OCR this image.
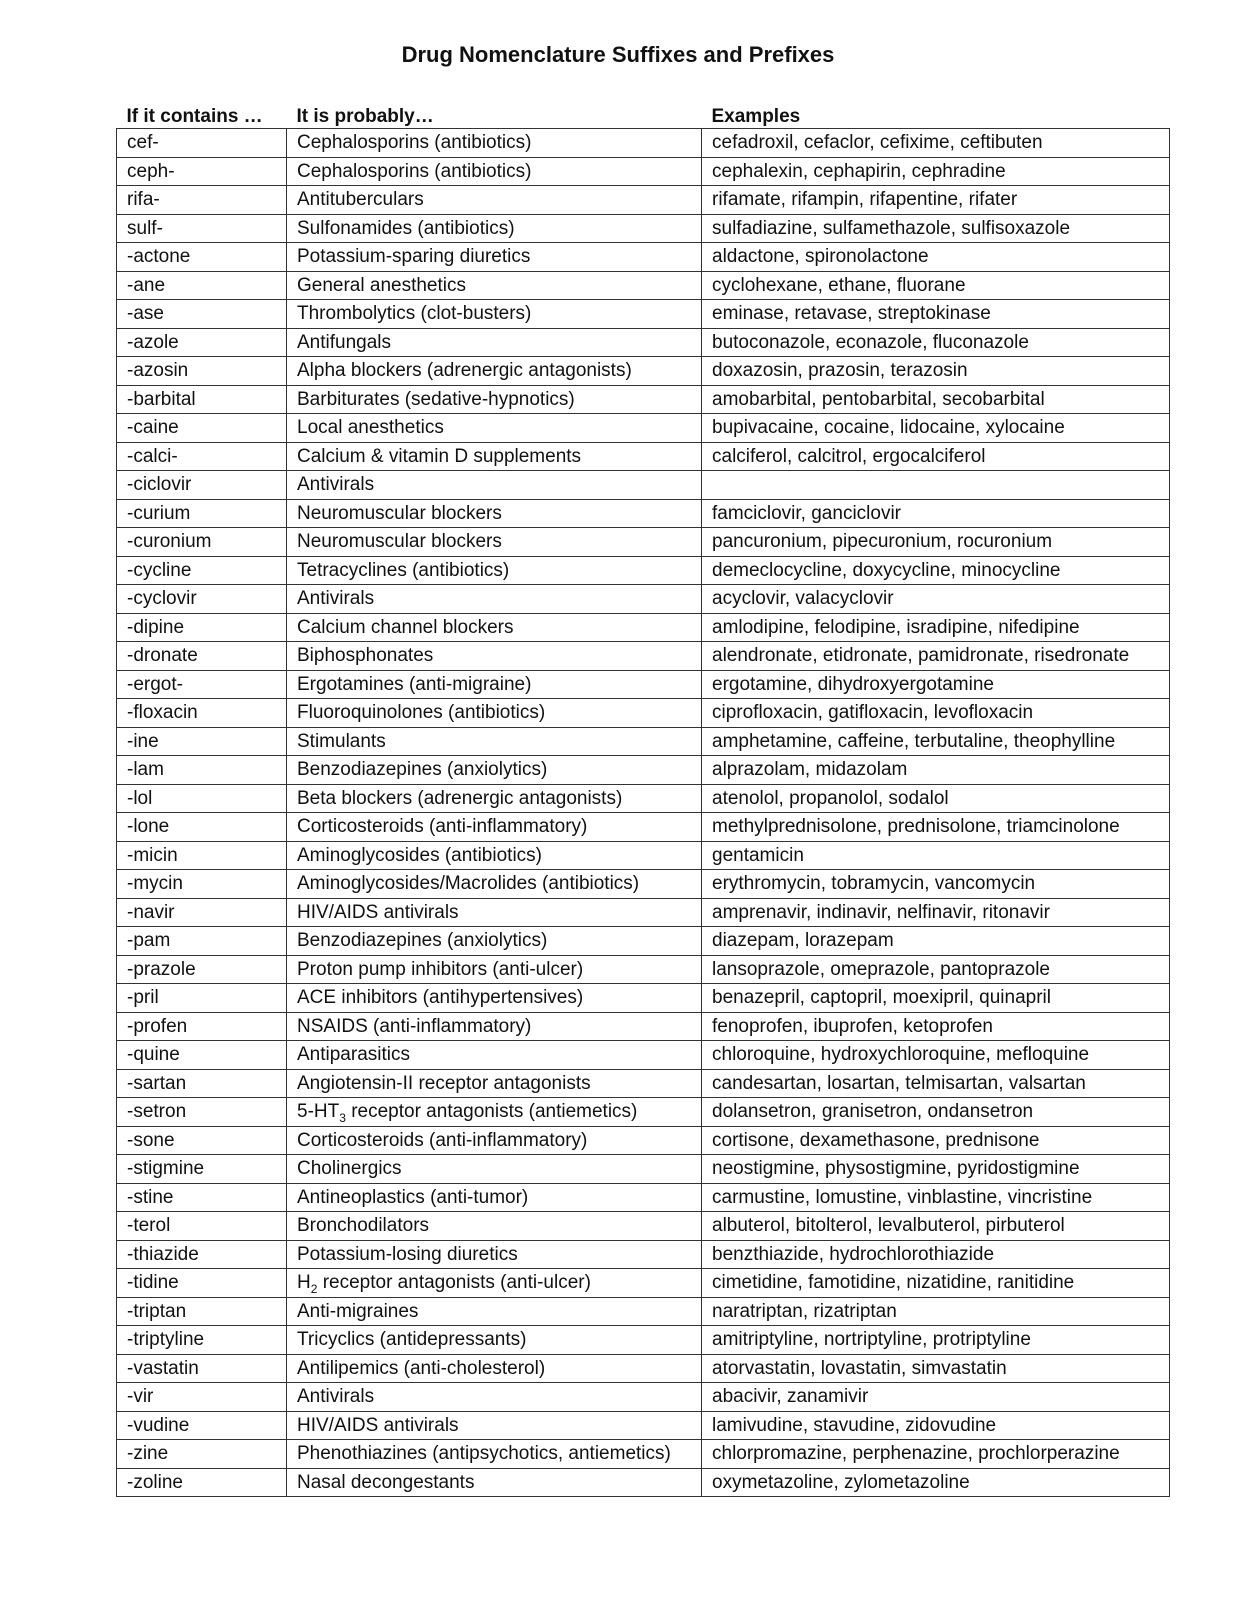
Drug Nomenclature Suffixes and Prefixes
If it contains …	It is probably…	Examples
cef-	Cephalosporins (antibiotics)	cefadroxil, cefaclor, cefixime, ceftibuten
ceph-	Cephalosporins (antibiotics)	cephalexin, cephapirin, cephradine
rifa-	Antituberculars	rifamate, rifampin, rifapentine, rifater
sulf-	Sulfonamides (antibiotics)	sulfadiazine, sulfamethazole, sulfisoxazole
-actone	Potassium-sparing diuretics	aldactone, spironolactone
-ane	General anesthetics	cyclohexane, ethane, fluorane
-ase	Thrombolytics (clot-busters)	eminase, retavase, streptokinase
-azole	Antifungals	butoconazole, econazole, fluconazole
-azosin	Alpha blockers (adrenergic antagonists)	doxazosin, prazosin, terazosin
-barbital	Barbiturates (sedative-hypnotics)	amobarbital, pentobarbital, secobarbital
-caine	Local anesthetics	bupivacaine, cocaine, lidocaine, xylocaine
-calci-	Calcium & vitamin D supplements	calciferol, calcitrol, ergocalciferol
-ciclovir	Antivirals	
-curium	Neuromuscular blockers	famciclovir, ganciclovir
-curonium	Neuromuscular blockers	pancuronium, pipecuronium, rocuronium
-cycline	Tetracyclines (antibiotics)	demeclocycline, doxycycline, minocycline
-cyclovir	Antivirals	acyclovir, valacyclovir
-dipine	Calcium channel blockers	amlodipine, felodipine, isradipine, nifedipine
-dronate	Biphosphonates	alendronate, etidronate, pamidronate, risedronate
-ergot-	Ergotamines (anti-migraine)	ergotamine, dihydroxyergotamine
-floxacin	Fluoroquinolones (antibiotics)	ciprofloxacin, gatifloxacin, levofloxacin
-ine	Stimulants	amphetamine, caffeine, terbutaline, theophylline
-lam	Benzodiazepines (anxiolytics)	alprazolam, midazolam
-lol	Beta blockers (adrenergic antagonists)	atenolol, propanolol, sodalol
-lone	Corticosteroids (anti-inflammatory)	methylprednisolone, prednisolone, triamcinolone
-micin	Aminoglycosides (antibiotics)	gentamicin
-mycin	Aminoglycosides/Macrolides (antibiotics)	erythromycin, tobramycin, vancomycin
-navir	HIV/AIDS antivirals	amprenavir, indinavir, nelfinavir, ritonavir
-pam	Benzodiazepines (anxiolytics)	diazepam, lorazepam
-prazole	Proton pump inhibitors (anti-ulcer)	lansoprazole, omeprazole, pantoprazole
-pril	ACE inhibitors (antihypertensives)	benazepril, captopril, moexipril, quinapril
-profen	NSAIDS (anti-inflammatory)	fenoprofen, ibuprofen, ketoprofen
-quine	Antiparasitics	chloroquine, hydroxychloroquine, mefloquine
-sartan	Angiotensin-II receptor antagonists	candesartan, losartan, telmisartan, valsartan
-setron	$5-HT_3$ receptor antagonists (antiemetics)	dolansetron, granisetron, ondansetron
-sone	Corticosteroids (anti-inflammatory)	cortisone, dexamethasone, prednisone
-stigmine	Cholinergics	neostigmine, physostigmine, pyridostigmine
-stine	Antineoplastics (anti-tumor)	carmustine, lomustine, vinblastine, vincristine
-terol	Bronchodilators	albuterol, bitolterol, levalbuterol, pirbuterol
-thiazide	Potassium-losing diuretics	benzthiazide, hydrochlorothiazide
-tidine	$H_2$ receptor antagonists (anti-ulcer)	cimetidine, famotidine, nizatidine, ranitidine
-triptan	Anti-migraines	naratriptan, rizatriptan
-triptyline	Tricyclics (antidepressants)	amitriptyline, nortriptyline, protriptyline
-vastatin	Antilipemics (anti-cholesterol)	atorvastatin, lovastatin, simvastatin
-vir	Antivirals	abacivir, zanamivir
-vudine	HIV/AIDS antivirals	lamivudine, stavudine, zidovudine
-zine	Phenothiazines (antipsychotics, antiemetics)	chlorpromazine, perphenazine, prochlorperazine
-zoline	Nasal decongestants	oxymetazoline, zylometazoline
